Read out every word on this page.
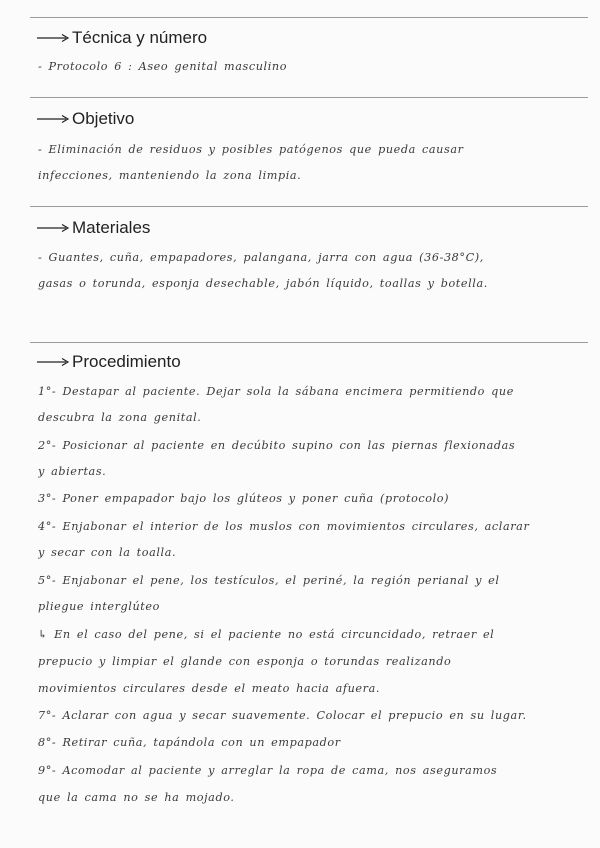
Técnica y número
- Protocolo 6 : Aseo genital masculino
Objetivo
- Eliminación de residuos y posibles patógenos que pueda causar
infecciones, manteniendo la zona limpia.
Materiales
- Guantes, cuña, empapadores, palangana, jarra con agua (36-38°C),
gasas o torunda, esponja desechable, jabón líquido, toallas y botella.
Procedimiento
1°- Destapar al paciente. Dejar sola la sábana encimera permitiendo que
descubra la zona genital.
2°- Posicionar al paciente en decúbito supino con las piernas flexionadas
y abiertas.
3°- Poner empapador bajo los glúteos y poner cuña (protocolo)
4°- Enjabonar el interior de los muslos con movimientos circulares, aclarar
y secar con la toalla.
5°- Enjabonar el pene, los testículos, el periné, la región perianal y el
pliegue interglúteo
↳ En el caso del pene, si el paciente no está circuncidado, retraer el
prepucio y limpiar el glande con esponja o torundas realizando
movimientos circulares desde el meato hacia afuera.
7°- Aclarar con agua y secar suavemente. Colocar el prepucio en su lugar.
8°- Retirar cuña, tapándola con un empapador
9°- Acomodar al paciente y arreglar la ropa de cama, nos aseguramos
que la cama no se ha mojado.
